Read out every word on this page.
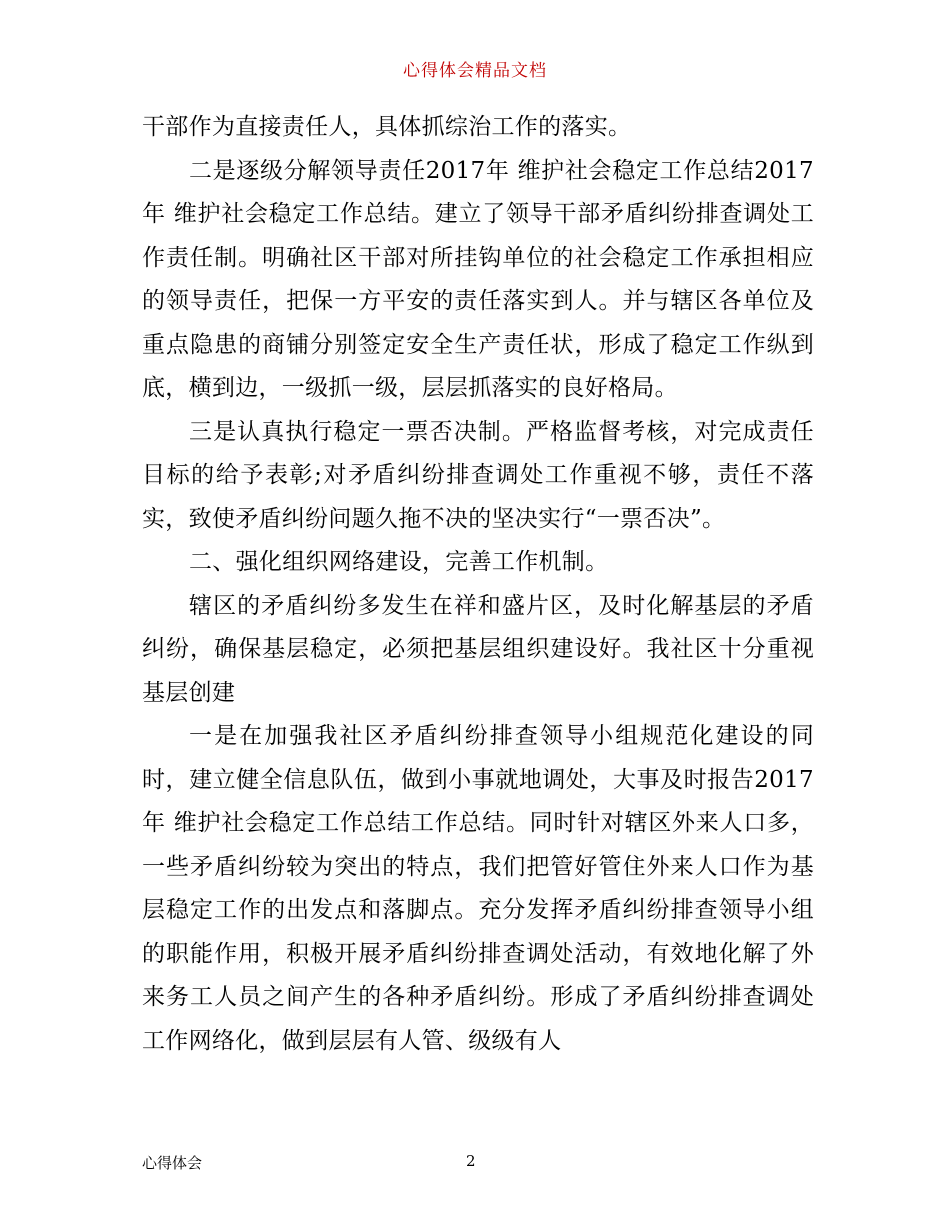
心得体会精品文档

干部作为直接责任人，具体抓综治工作的落实。

二是逐级分解领导责任2017年 维护社会稳定工作总结2017年 维护社会稳定工作总结。建立了领导干部矛盾纠纷排查调处工作责任制。明确社区干部对所挂钩单位的社会稳定工作承担相应的领导责任，把保一方平安的责任落实到人。并与辖区各单位及重点隐患的商铺分别签定安全生产责任状，形成了稳定工作纵到底，横到边，一级抓一级，层层抓落实的良好格局。

三是认真执行稳定一票否决制。严格监督考核，对完成责任目标的给予表彰;对矛盾纠纷排查调处工作重视不够，责任不落实，致使矛盾纠纷问题久拖不决的坚决实行“一票否决”。

二、强化组织网络建设，完善工作机制。

辖区的矛盾纠纷多发生在祥和盛片区，及时化解基层的矛盾纠纷，确保基层稳定，必须把基层组织建设好。我社区十分重视基层创建

一是在加强我社区矛盾纠纷排查领导小组规范化建设的同时，建立健全信息队伍，做到小事就地调处，大事及时报告2017年 维护社会稳定工作总结工作总结。同时针对辖区外来人口多，一些矛盾纠纷较为突出的特点，我们把管好管住外来人口作为基层稳定工作的出发点和落脚点。充分发挥矛盾纠纷排查领导小组的职能作用，积极开展矛盾纠纷排查调处活动，有效地化解了外来务工人员之间产生的各种矛盾纠纷。形成了矛盾纠纷排查调处工作网络化，做到层层有人管、级级有人

心得体会	2
